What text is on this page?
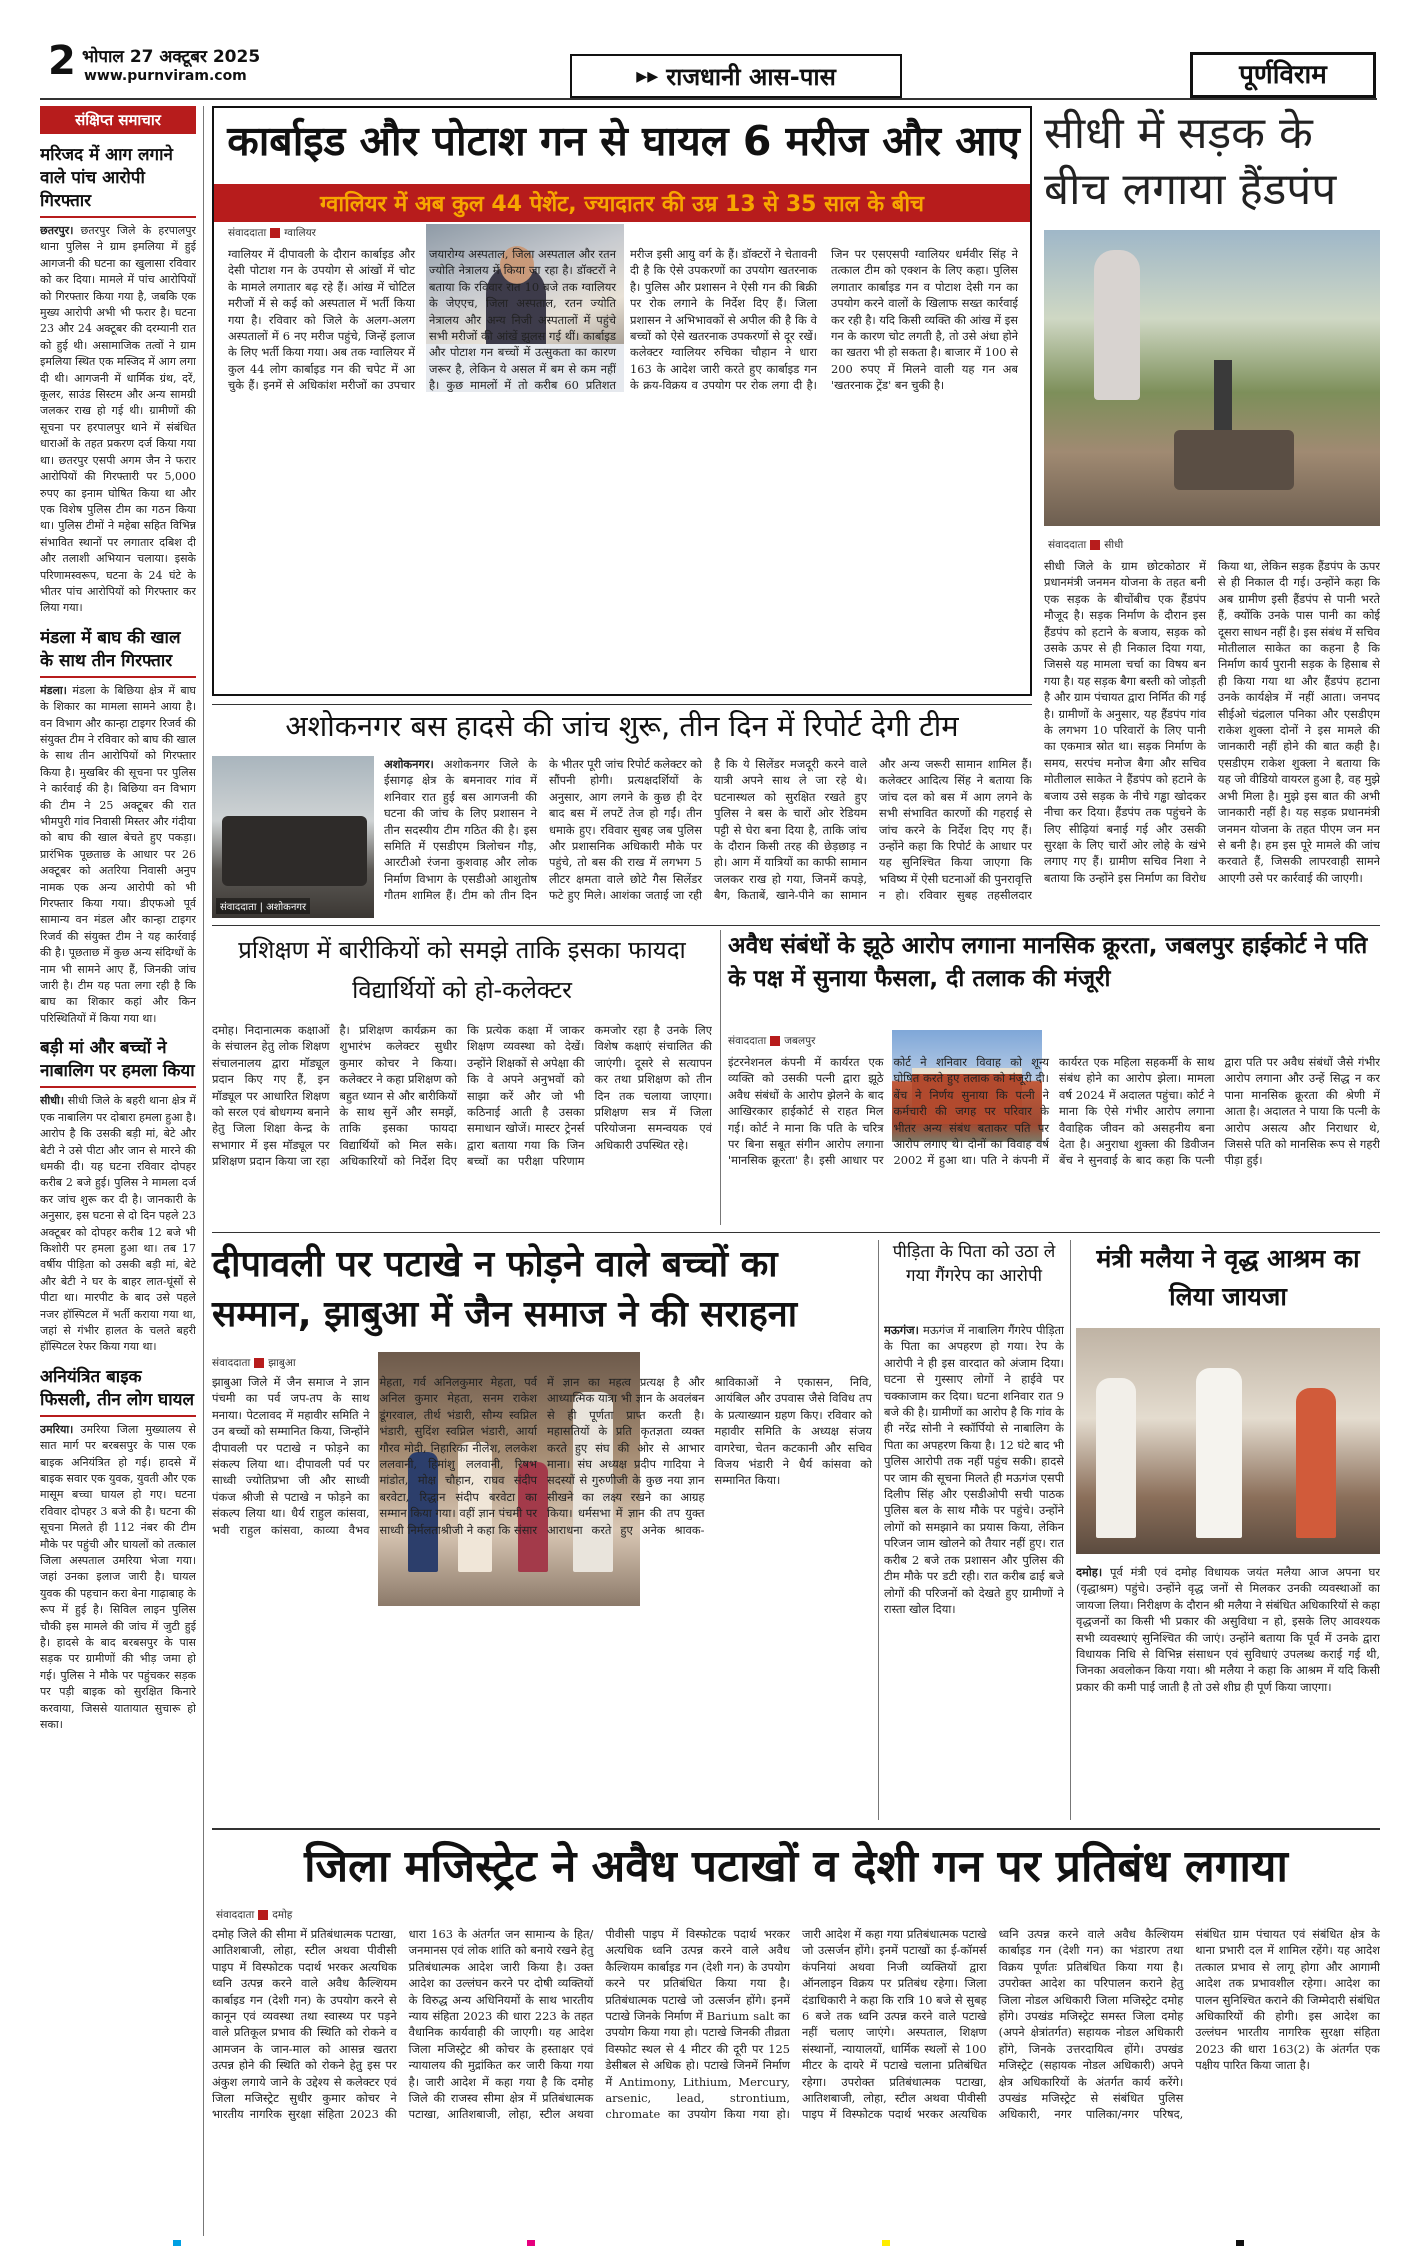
2 भोपाल 27 अक्टूबर 2025
www.purnviram.com	▸▸ राजधानी आस-पास	पूर्णविराम
संक्षिप्त समाचार
मरिजद में आग लगाने वाले पांच आरोपी गिरफ्तार
छतरपुर। छतरपुर जिले के हरपालपुर थाना पुलिस ने ग्राम इमलिया में हुई आगजनी की घटना का खुलासा रविवार को कर दिया। मामले में पांच आरोपियों को गिरफ्तार किया गया है, जबकि एक मुख्य आरोपी अभी भी फरार है। घटना 23 और 24 अक्टूबर की दरम्यानी रात को हुई थी। असामाजिक तत्वों ने ग्राम इमलिया स्थित एक मस्जिद में आग लगा दी थी। आगजनी में धार्मिक ग्रंथ, दरें, कूलर, साउंड सिस्टम और अन्य सामग्री जलकर राख हो गई थी। ग्रामीणों की सूचना पर हरपालपुर थाने में संबंधित धाराओं के तहत प्रकरण दर्ज किया गया था। छतरपुर एसपी अगम जैन ने फरार आरोपियों की गिरफ्तारी पर 5,000 रुपए का इनाम घोषित किया था और एक विशेष पुलिस टीम का गठन किया था। पुलिस टीमों ने महेबा सहित विभिन्न संभावित स्थानों पर लगातार दबिश दी और तलाशी अभियान चलाया। इसके परिणामस्वरूप, घटना के 24 घंटे के भीतर पांच आरोपियों को गिरफ्तार कर लिया गया।
मंडला में बाघ की खाल के साथ तीन गिरफ्तार
मंडला। मंडला के बिछिया क्षेत्र में बाघ के शिकार का मामला सामने आया है। वन विभाग और कान्हा टाइगर रिजर्व की संयुक्त टीम ने रविवार को बाघ की खाल के साथ तीन आरोपियों को गिरफ्तार किया है। मुखबिर की सूचना पर पुलिस ने कार्रवाई की है। बिछिया वन विभाग की टीम ने 25 अक्टूबर की रात भीमपुरी गांव निवासी मिस्तर और गंदीया को बाघ की खाल बेचते हुए पकड़ा। प्रारंभिक पूछताछ के आधार पर 26 अक्टूबर को अतरिया निवासी अनुप नामक एक अन्य आरोपी को भी गिरफ्तार किया गया। डीएफओ पूर्व सामान्य वन मंडल और कान्हा टाइगर रिजर्व की संयुक्त टीम ने यह कार्रवाई की है। पूछताछ में कुछ अन्य संदिग्धों के नाम भी सामने आए हैं, जिनकी जांच जारी है। टीम यह पता लगा रही है कि बाघ का शिकार कहां और किन परिस्थितियों में किया गया था।
बड़ी मां और बच्चों ने नाबालिग पर हमला किया
सीधी। सीधी जिले के बहरी थाना क्षेत्र में एक नाबालिग पर दोबारा हमला हुआ है। आरोप है कि उसकी बड़ी मां, बेटे और बेटी ने उसे पीटा और जान से मारने की धमकी दी। यह घटना रविवार दोपहर करीब 2 बजे हुई। पुलिस ने मामला दर्ज कर जांच शुरू कर दी है। जानकारी के अनुसार, इस घटना से दो दिन पहले 23 अक्टूबर को दोपहर करीब 12 बजे भी किशोरी पर हमला हुआ था। तब 17 वर्षीय पीड़िता को उसकी बड़ी मां, बेटे और बेटी ने घर के बाहर लात-घूंसों से पीटा था। मारपीट के बाद उसे पहले नजर हॉस्पिटल में भर्ती कराया गया था, जहां से गंभीर हालत के चलते बहरी हॉस्पिटल रेफर किया गया था।
अनियंत्रित बाइक फिसली, तीन लोग घायल
उमरिया। उमरिया जिला मुख्यालय से सात मार्ग पर बरबसपुर के पास एक बाइक अनियंत्रित हो गई। हादसे में बाइक सवार एक युवक, युवती और एक मासूम बच्चा घायल हो गए। घटना रविवार दोपहर 3 बजे की है। घटना की सूचना मिलते ही 112 नंबर की टीम मौके पर पहुंची और घायलों को तत्काल जिला अस्पताल उमरिया भेजा गया। जहां उनका इलाज जारी है। घायल युवक की पहचान करा बेना गाढ़ाबाह के रूप में हुई है। सिविल लाइन पुलिस चौकी इस मामले की जांच में जुटी हुई है। हादसे के बाद बरबसपुर के पास सड़क पर ग्रामीणों की भीड़ जमा हो गई। पुलिस ने मौके पर पहुंचकर सड़क पर पड़ी बाइक को सुरक्षित किनारे करवाया, जिससे यातायात सुचारू हो सका।
कार्बाइड और पोटाश गन से घायल 6 मरीज और आए
ग्वालियर में अब कुल 44 पेशेंट, ज्यादातर की उम्र 13 से 35 साल के बीच
संवाददाता ग्वालियर
ग्वालियर में दीपावली के दौरान कार्बाइड और देसी पोटाश गन के उपयोग से आंखों में चोट के मामले लगातार बढ़ रहे हैं। आंख में चोटिल मरीजों में से कई को अस्पताल में भर्ती किया गया है। रविवार को जिले के अलग-अलग अस्पतालों में 6 नए मरीज पहुंचे, जिन्हें इलाज के लिए भर्ती किया गया। अब तक ग्वालियर में कुल 44 लोग कार्बाइड गन की चपेट में आ चुके हैं। इनमें से अधिकांश मरीजों का उपचार जयारोग्य अस्पताल, जिला अस्पताल और रतन ज्योति नेत्रालय में किया जा रहा है। डॉक्टरों ने बताया कि रविवार रात 10 बजे तक ग्वालियर के जेएएच, जिला अस्पताल, रतन ज्योति नेत्रालय और अन्य निजी अस्पतालों में पहुंचे सभी मरीजों की आंखें झुलस गई थीं। कार्बाइड और पोटाश गन बच्चों में उत्सुकता का कारण जरूर है, लेकिन ये असल में बम से कम नहीं है। कुछ मामलों में तो करीब 60 प्रतिशत मरीज इसी आयु वर्ग के हैं। डॉक्टरों ने चेतावनी दी है कि ऐसे उपकरणों का उपयोग खतरनाक है। पुलिस और प्रशासन ने ऐसी गन की बिक्री पर रोक लगाने के निर्देश दिए हैं। जिला प्रशासन ने अभिभावकों से अपील की है कि वे बच्चों को ऐसे खतरनाक उपकरणों से दूर रखें। कलेक्टर ग्वालियर रुचिका चौहान ने धारा 163 के आदेश जारी करते हुए कार्बाइड गन के क्रय-विक्रय व उपयोग पर रोक लगा दी है। जिन पर एसएसपी ग्वालियर धर्मवीर सिंह ने तत्काल टीम को एक्शन के लिए कहा। पुलिस लगातार कार्बाइड गन व पोटाश देसी गन का उपयोग करने वालों के खिलाफ सख्त कार्रवाई कर रही है। यदि किसी व्यक्ति की आंख में इस गन के कारण चोट लगती है, तो उसे अंधा होने का खतरा भी हो सकता है। बाजार में 100 से 200 रुपए में मिलने वाली यह गन अब 'खतरनाक ट्रेंड' बन चुकी है।
सीधी में सड़क के बीच लगाया हैंडपंप
संवाददाता सीधी
सीधी जिले के ग्राम छोटकोठार में प्रधानमंत्री जनमन योजना के तहत बनी एक सड़क के बीचोंबीच एक हैंडपंप मौजूद है। सड़क निर्माण के दौरान इस हैंडपंप को हटाने के बजाय, सड़क को उसके ऊपर से ही निकाल दिया गया, जिससे यह मामला चर्चा का विषय बन गया है। यह सड़क बैगा बस्ती को जोड़ती है और ग्राम पंचायत द्वारा निर्मित की गई है। ग्रामीणों के अनुसार, यह हैंडपंप गांव के लगभग 10 परिवारों के लिए पानी का एकमात्र स्रोत था। सड़क निर्माण के समय, सरपंच मनोज बैगा और सचिव मोतीलाल साकेत ने हैंडपंप को हटाने के बजाय उसे सड़क के नीचे गड्ढा खोदकर नीचा कर दिया। हैंडपंप तक पहुंचने के लिए सीढ़ियां बनाई गई और उसकी सुरक्षा के लिए चारों ओर लोहे के खंभे लगाए गए हैं। ग्रामीण सचिव निशा ने बताया कि उन्होंने इस निर्माण का विरोध किया था, लेकिन सड़क हैंडपंप के ऊपर से ही निकाल दी गई। उन्होंने कहा कि अब ग्रामीण इसी हैंडपंप से पानी भरते हैं, क्योंकि उनके पास पानी का कोई दूसरा साधन नहीं है। इस संबंध में सचिव मोतीलाल साकेत का कहना है कि निर्माण कार्य पुरानी सड़क के हिसाब से ही किया गया था और हैंडपंप हटाना उनके कार्यक्षेत्र में नहीं आता। जनपद सीईओ चंद्रलाल पनिका और एसडीएम राकेश शुक्ला दोनों ने इस मामले की जानकारी नहीं होने की बात कही है। एसडीएम राकेश शुक्ला ने बताया कि यह जो वीडियो वायरल हुआ है, वह मुझे अभी मिला है। मुझे इस बात की अभी जानकारी नहीं है। यह सड़क प्रधानमंत्री जनमन योजना के तहत पीएम जन मन से बनी है। हम इस पूरे मामले की जांच करवाते हैं, जिसकी लापरवाही सामने आएगी उसे पर कार्रवाई की जाएगी।
अशोकनगर बस हादसे की जांच शुरू, तीन दिन में रिपोर्ट देगी टीम
संवाददाता | अशोकनगर
अशोकनगर। अशोकनगर जिले के ईसागढ़ क्षेत्र के बमनावर गांव में शनिवार रात हुई बस आगजनी की घटना की जांच के लिए प्रशासन ने तीन सदस्यीय टीम गठित की है। इस समिति में एसडीएम त्रिलोचन गौड़, आरटीओ रंजना कुशवाह और लोक निर्माण विभाग के एसडीओ आशुतोष गौतम शामिल हैं। टीम को तीन दिन के भीतर पूरी जांच रिपोर्ट कलेक्टर को सौंपनी होगी। प्रत्यक्षदर्शियों के अनुसार, आग लगने के कुछ ही देर बाद बस में लपटें तेज हो गईं। तीन धमाके हुए। रविवार सुबह जब पुलिस और प्रशासनिक अधिकारी मौके पर पहुंचे, तो बस की राख में लगभग 5 लीटर क्षमता वाले छोटे गैस सिलेंडर फटे हुए मिले। आशंका जताई जा रही है कि ये सिलेंडर मजदूरी करने वाले यात्री अपने साथ ले जा रहे थे। घटनास्थल को सुरक्षित रखते हुए पुलिस ने बस के चारों ओर रेडियम पट्टी से घेरा बना दिया है, ताकि जांच के दौरान किसी तरह की छेड़छाड़ न हो। आग में यात्रियों का काफी सामान जलकर राख हो गया, जिनमें कपड़े, बैग, किताबें, खाने-पीने का सामान और अन्य जरूरी सामान शामिल हैं। कलेक्टर आदित्य सिंह ने बताया कि जांच दल को बस में आग लगने के सभी संभावित कारणों की गहराई से जांच करने के निर्देश दिए गए हैं। उन्होंने कहा कि रिपोर्ट के आधार पर यह सुनिश्चित किया जाएगा कि भविष्य में ऐसी घटनाओं की पुनरावृत्ति न हो। रविवार सुबह तहसीलदार
प्रशिक्षण में बारीकियों को समझे ताकि इसका फायदा विद्यार्थियों को हो-कलेक्टर
दमोह। निदानात्मक कक्षाओं के संचालन हेतु लोक शिक्षण संचालनालय द्वारा मॉड्यूल प्रदान किए गए हैं, इन मॉड्यूल पर आधारित शिक्षण को सरल एवं बोधगम्य बनाने हेतु जिला शिक्षा केन्द्र के सभागार में इस मॉड्यूल पर प्रशिक्षण प्रदान किया जा रहा है। प्रशिक्षण कार्यक्रम का शुभारंभ कलेक्टर सुधीर कुमार कोचर ने किया। कलेक्टर ने कहा प्रशिक्षण को बहुत ध्यान से और बारीकियों के साथ सुनें और समझें, ताकि इसका फायदा विद्यार्थियों को मिल सके। अधिकारियों को निर्देश दिए कि प्रत्येक कक्षा में जाकर शिक्षण व्यवस्था को देखें। उन्होंने शिक्षकों से अपेक्षा की कि वे अपने अनुभवों को साझा करें और जो भी कठिनाई आती है उसका समाधान खोजें। मास्टर ट्रेनर्स द्वारा बताया गया कि जिन बच्चों का परीक्षा परिणाम कमजोर रहा है उनके लिए विशेष कक्षाएं संचालित की जाएंगी। दूसरे से सत्यापन कर तथा प्रशिक्षण को तीन दिन तक चलाया जाएगा। प्रशिक्षण सत्र में जिला परियोजना समन्वयक एवं अधिकारी उपस्थित रहे।
अवैध संबंधों के झूठे आरोप लगाना मानसिक क्रूरता, जबलपुर हाईकोर्ट ने पति के पक्ष में सुनाया फैसला, दी तलाक की मंजूरी
संवाददाता जबलपुर
इंटरनेशनल कंपनी में कार्यरत एक व्यक्ति को उसकी पत्नी द्वारा झूठे अवैध संबंधों के आरोप झेलने के बाद आखिरकार हाईकोर्ट से राहत मिल गई। कोर्ट ने माना कि पति के चरित्र पर बिना सबूत संगीन आरोप लगाना 'मानसिक क्रूरता' है। इसी आधार पर कोर्ट ने शनिवार विवाह को शून्य घोषित करते हुए तलाक को मंजूरी दी। बेंच ने निर्णय सुनाया कि पत्नी ने कर्मचारी की जगह पर परिवार के भीतर अन्य संबंध बताकर पति पर आरोप लगाए थे। दोनों का विवाह वर्ष 2002 में हुआ था। पति ने कंपनी में कार्यरत एक महिला सहकर्मी के साथ संबंध होने का आरोप झेला। मामला वर्ष 2024 में अदालत पहुंचा। कोर्ट ने माना कि ऐसे गंभीर आरोप लगाना वैवाहिक जीवन को असहनीय बना देता है। अनुराधा शुक्ला की डिवीजन बेंच ने सुनवाई के बाद कहा कि पत्नी द्वारा पति पर अवैध संबंधों जैसे गंभीर आरोप लगाना और उन्हें सिद्ध न कर पाना मानसिक क्रूरता की श्रेणी में आता है। अदालत ने पाया कि पत्नी के आरोप असत्य और निराधार थे, जिससे पति को मानसिक रूप से गहरी पीड़ा हुई।
दीपावली पर पटाखे न फोड़ने वाले बच्चों का सम्मान, झाबुआ में जैन समाज ने की सराहना
संवाददाता झाबुआ
झाबुआ जिले में जैन समाज ने ज्ञान पंचमी का पर्व जप-तप के साथ मनाया। पेटलावद में महावीर समिति ने उन बच्चों को सम्मानित किया, जिन्होंने दीपावली पर पटाखे न फोड़ने का संकल्प लिया था। दीपावली पर्व पर साध्वी ज्योतिप्रभा जी और साध्वी पंकज श्रीजी से पटाखे न फोड़ने का संकल्प लिया था। धैर्य राहुल कांसवा, भवी राहुल कांसवा, काव्या वैभव मेहता, गर्व अनिलकुमार मेहता, पर्व अनिल कुमार मेहता, सनम राकेश डूंगरवाल, तीर्थ भंडारी, सौम्य स्वप्निल भंडारी, सुदिंश स्वप्निल भंडारी, आर्या गौरव मोदी, निहारिका नीलेश, ललकेश ललवानी, हिमांशु ललवानी, रिषभ मांडोत, मोक्ष चौहान, राघव संदीप बरवेटा, रिद्धान संदीप बरवेटा का सम्मान किया गया। वहीं ज्ञान पंचमी पर साध्वी निर्मलताश्रीजी ने कहा कि संसार में ज्ञान का महत्व प्रत्यक्ष है और आध्यात्मिक यात्रा भी ज्ञान के अवलंबन से ही पूर्णता प्राप्त करती है। महासतियों के प्रति कृतज्ञता व्यक्त करते हुए संघ की ओर से आभार माना। संघ अध्यक्ष प्रदीप गादिया ने सदस्यों से गुरुणीजी के कुछ नया ज्ञान सीखने का लक्ष्य रखने का आग्रह किया। धर्मसभा में ज्ञान की तप युक्त आराधना करते हुए अनेक श्रावक-श्राविकाओं ने एकासन, निवि, आयंबिल और उपवास जैसे विविध तप के प्रत्याख्यान ग्रहण किए। रविवार को महावीर समिति के अध्यक्ष संजय वागरेचा, चेतन कटकानी और सचिव विजय भंडारी ने धैर्य कांसवा को सम्मानित किया।
पीड़िता के पिता को उठा ले गया गैंगरेप का आरोपी
मऊगंज। मऊगंज में नाबालिग गैंगरेप पीड़िता के पिता का अपहरण हो गया। रेप के आरोपी ने ही इस वारदात को अंजाम दिया। घटना से गुस्साए लोगों ने हाईवे पर चक्काजाम कर दिया। घटना शनिवार रात 9 बजे की है। ग्रामीणों का आरोप है कि गांव के ही नरेंद्र सोनी ने स्कॉर्पियो से नाबालिग के पिता का अपहरण किया है। 12 घंटे बाद भी पुलिस आरोपी तक नहीं पहुंच सकी। हादसे पर जाम की सूचना मिलते ही मऊगंज एसपी दिलीप सिंह और एसडीओपी सची पाठक पुलिस बल के साथ मौके पर पहुंचे। उन्होंने लोगों को समझाने का प्रयास किया, लेकिन परिजन जाम खोलने को तैयार नहीं हुए। रात करीब 2 बजे तक प्रशासन और पुलिस की टीम मौके पर डटी रही। रात करीब ढाई बजे लोगों की परिजनों को देखते हुए ग्रामीणों ने रास्ता खोल दिया।
मंत्री मलैया ने वृद्ध आश्रम का लिया जायजा
दमोह। पूर्व मंत्री एवं दमोह विधायक जयंत मलैया आज अपना घर (वृद्धाश्रम) पहुंचे। उन्होंने वृद्ध जनों से मिलकर उनकी व्यवस्थाओं का जायजा लिया। निरीक्षण के दौरान श्री मलैया ने संबंधित अधिकारियों से कहा वृद्धजनों का किसी भी प्रकार की असुविधा न हो, इसके लिए आवश्यक सभी व्यवस्थाएं सुनिश्चित की जाएं। उन्होंने बताया कि पूर्व में उनके द्वारा विधायक निधि से विभिन्न संसाधन एवं सुविधाएं उपलब्ध कराई गई थी, जिनका अवलोकन किया गया। श्री मलैया ने कहा कि आश्रम में यदि किसी प्रकार की कमी पाई जाती है तो उसे शीघ्र ही पूर्ण किया जाएगा।
जिला मजिस्ट्रेट ने अवैध पटाखों व देशी गन पर प्रतिबंध लगाया
संवाददाता दमोह
दमोह जिले की सीमा में प्रतिबंधात्मक पटाखा, आतिशबाजी, लोहा, स्टील अथवा पीवीसी पाइप में विस्फोटक पदार्थ भरकर अत्यधिक ध्वनि उत्पन्न करने वाले अवैध कैल्शियम कार्बाइड गन (देशी गन) के उपयोग करने से कानून एवं व्यवस्था तथा स्वास्थ्य पर पड़ने वाले प्रतिकूल प्रभाव की स्थिति को रोकने व आमजन के जान-माल को आसन्न खतरा उत्पन्न होने की स्थिति को रोकने हेतु इस पर अंकुश लगाये जाने के उद्देश्य से कलेक्टर एवं जिला मजिस्ट्रेट सुधीर कुमार कोचर ने भारतीय नागरिक सुरक्षा संहिता 2023 की धारा 163 के अंतर्गत जन सामान्य के हित/जनमानस एवं लोक शांति को बनाये रखने हेतु प्रतिबंधात्मक आदेश जारी किया है। उक्त आदेश का उल्लंघन करने पर दोषी व्यक्तियों के विरुद्ध अन्य अधिनियमों के साथ भारतीय न्याय संहिता 2023 की धारा 223 के तहत वैधानिक कार्यवाही की जाएगी। यह आदेश जिला मजिस्ट्रेट श्री कोचर के हस्ताक्षर एवं न्यायालय की मुद्रांकित कर जारी किया गया है। जारी आदेश में कहा गया है कि दमोह जिले की राजस्व सीमा क्षेत्र में प्रतिबंधात्मक पटाखा, आतिशबाजी, लोहा, स्टील अथवा पीवीसी पाइप में विस्फोटक पदार्थ भरकर अत्यधिक ध्वनि उत्पन्न करने वाले अवैध कैल्शियम कार्बाइड गन (देशी गन) के उपयोग करने पर प्रतिबंधित किया गया है। प्रतिबंधात्मक पटाखे जो उत्सर्जन होंगे। इनमें पटाखे जिनके निर्माण में Barium salt का उपयोग किया गया हो। पटाखे जिनकी तीव्रता विस्फोट स्थल से 4 मीटर की दूरी पर 125 डेसीबल से अधिक हो। पटाखे जिनमें निर्माण में Antimony, Lithium, Mercury, arsenic, lead, strontium, chromate का उपयोग किया गया हो। जारी आदेश में कहा गया प्रतिबंधात्मक पटाखे जो उत्सर्जन होंगे। इनमें पटाखों का ई-कॉमर्स कंपनियां अथवा निजी व्यक्तियों द्वारा ऑनलाइन विक्रय पर प्रतिबंध रहेगा। जिला दंडाधिकारी ने कहा कि रात्रि 10 बजे से सुबह 6 बजे तक ध्वनि उत्पन्न करने वाले पटाखे नहीं चलाए जाएंगे। अस्पताल, शिक्षण संस्थानों, न्यायालयों, धार्मिक स्थलों से 100 मीटर के दायरे में पटाखे चलाना प्रतिबंधित रहेगा। उपरोक्त प्रतिबंधात्मक पटाखा, आतिशबाजी, लोहा, स्टील अथवा पीवीसी पाइप में विस्फोटक पदार्थ भरकर अत्यधिक ध्वनि उत्पन्न करने वाले अवैध कैल्शियम कार्बाइड गन (देशी गन) का भंडारण तथा विक्रय पूर्णतः प्रतिबंधित किया गया है। उपरोक्त आदेश का परिपालन कराने हेतु जिला नोडल अधिकारी जिला मजिस्ट्रेट दमोह होंगे। उपखंड मजिस्ट्रेट समस्त जिला दमोह (अपने क्षेत्रांतर्गत) सहायक नोडल अधिकारी होंगे, जिनके उत्तरदायित्व होंगे। उपखंड मजिस्ट्रेट (सहायक नोडल अधिकारी) अपने क्षेत्र अधिकारियों के अंतर्गत कार्य करेंगे। उपखंड मजिस्ट्रेट से संबंधित पुलिस अधिकारी, नगर पालिका/नगर परिषद, संबंधित ग्राम पंचायत एवं संबंधित क्षेत्र के थाना प्रभारी दल में शामिल रहेंगे। यह आदेश तत्काल प्रभाव से लागू होगा और आगामी आदेश तक प्रभावशील रहेगा। आदेश का पालन सुनिश्चित कराने की जिम्मेदारी संबंधित अधिकारियों की होगी। इस आदेश का उल्लंघन भारतीय नागरिक सुरक्षा संहिता 2023 की धारा 163(2) के अंतर्गत एक पक्षीय पारित किया जाता है।
